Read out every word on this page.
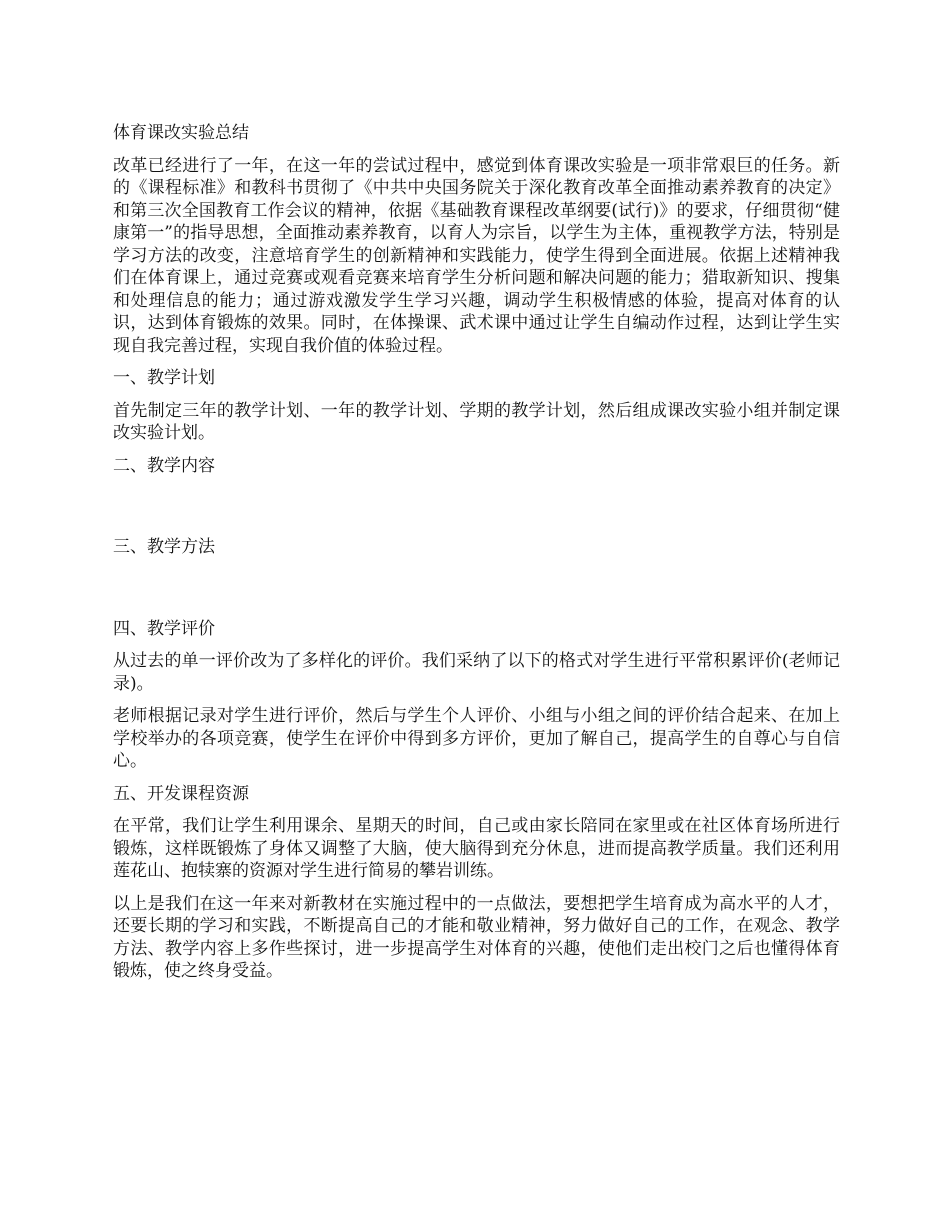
体育课改实验总结

改革已经进行了一年，在这一年的尝试过程中，感觉到体育课改实验是一项非常艰巨的任务。新的《课程标准》和教科书贯彻了《中共中央国务院关于深化教育改革全面推动素养教育的决定》和第三次全国教育工作会议的精神，依据《基础教育课程改革纲要(试行)》的要求，仔细贯彻“健康第一”的指导思想，全面推动素养教育，以育人为宗旨，以学生为主体，重视教学方法，特别是学习方法的改变，注意培育学生的创新精神和实践能力，使学生得到全面进展。依据上述精神我们在体育课上，通过竞赛或观看竞赛来培育学生分析问题和解决问题的能力；猎取新知识、搜集和处理信息的能力；通过游戏激发学生学习兴趣，调动学生积极情感的体验，提高对体育的认识，达到体育锻炼的效果。同时，在体操课、武术课中通过让学生自编动作过程，达到让学生实现自我完善过程，实现自我价值的体验过程。

一、教学计划

首先制定三年的教学计划、一年的教学计划、学期的教学计划，然后组成课改实验小组并制定课改实验计划。

二、教学内容

三、教学方法

四、教学评价

从过去的单一评价改为了多样化的评价。我们采纳了以下的格式对学生进行平常积累评价(老师记录)。

老师根据记录对学生进行评价，然后与学生个人评价、小组与小组之间的评价结合起来、在加上学校举办的各项竞赛，使学生在评价中得到多方评价，更加了解自己，提高学生的自尊心与自信心。

五、开发课程资源

在平常，我们让学生利用课余、星期天的时间，自己或由家长陪同在家里或在社区体育场所进行锻炼，这样既锻炼了身体又调整了大脑，使大脑得到充分休息，进而提高教学质量。我们还利用莲花山、抱犊寨的资源对学生进行简易的攀岩训练。

以上是我们在这一年来对新教材在实施过程中的一点做法，要想把学生培育成为高水平的人才，还要长期的学习和实践，不断提高自己的才能和敬业精神，努力做好自己的工作，在观念、教学方法、教学内容上多作些探讨，进一步提高学生对体育的兴趣，使他们走出校门之后也懂得体育锻炼，使之终身受益。
